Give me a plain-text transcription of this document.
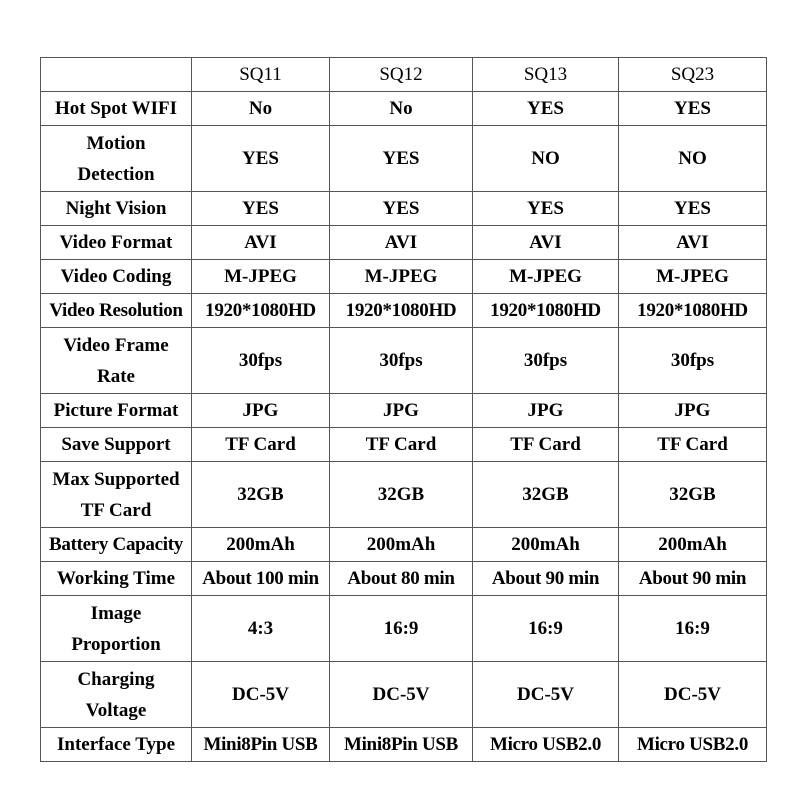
	SQ11	SQ12	SQ13	SQ23
Hot Spot WIFI	No	No	YES	YES
Motion Detection	YES	YES	NO	NO
Night Vision	YES	YES	YES	YES
Video Format	AVI	AVI	AVI	AVI
Video Coding	M-JPEG	M-JPEG	M-JPEG	M-JPEG
Video Resolution	1920*1080HD	1920*1080HD	1920*1080HD	1920*1080HD
Video Frame Rate	30fps	30fps	30fps	30fps
Picture Format	JPG	JPG	JPG	JPG
Save Support	TF Card	TF Card	TF Card	TF Card
Max Supported TF Card	32GB	32GB	32GB	32GB
Battery Capacity	200mAh	200mAh	200mAh	200mAh
Working Time	About 100 min	About 80 min	About 90 min	About 90 min
Image Proportion	4:3	16:9	16:9	16:9
Charging Voltage	DC-5V	DC-5V	DC-5V	DC-5V
Interface Type	Mini8Pin USB	Mini8Pin USB	Micro USB2.0	Micro USB2.0
